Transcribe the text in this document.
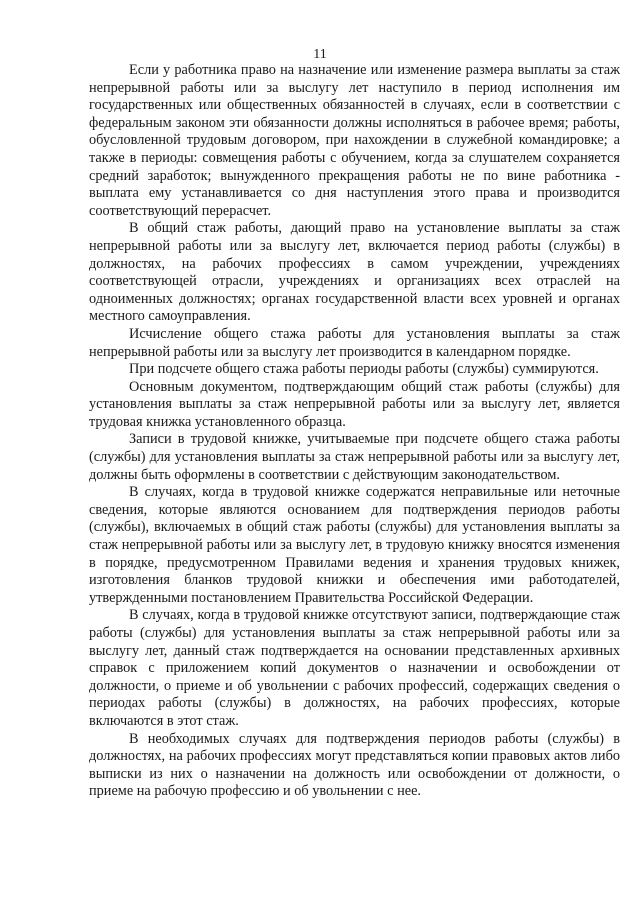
11

Если у работника право на назначение или изменение размера выплаты за стаж непрерывной работы или за выслугу лет наступило в период исполнения им государственных или общественных обязанностей в случаях, если в соответствии с федеральным законом эти обязанности должны исполняться в рабочее время; работы, обусловленной трудовым договором, при нахождении в служебной командировке; а также в периоды: совмещения работы с обучением, когда за слушателем сохраняется средний заработок; вынужденного прекращения работы не по вине работника - выплата ему устанавливается со дня наступления этого права и производится соответствующий перерасчет.

В общий стаж работы, дающий право на установление выплаты за стаж непрерывной работы или за выслугу лет, включается период работы (службы) в должностях, на рабочих профессиях в самом учреждении, учреждениях соответствующей отрасли, учреждениях и организациях всех отраслей на одноименных должностях; органах государственной власти всех уровней и органах местного самоуправления.

Исчисление общего стажа работы для установления выплаты за стаж непрерывной работы или за выслугу лет производится в календарном порядке.

При подсчете общего стажа работы периоды работы (службы) суммируются.

Основным документом, подтверждающим общий стаж работы (службы) для установления выплаты за стаж непрерывной работы или за выслугу лет, является трудовая книжка установленного образца.

Записи в трудовой книжке, учитываемые при подсчете общего стажа работы (службы) для установления выплаты за стаж непрерывной работы или за выслугу лет, должны быть оформлены в соответствии с действующим законодательством.

В случаях, когда в трудовой книжке содержатся неправильные или неточные сведения, которые являются основанием для подтверждения периодов работы (службы), включаемых в общий стаж работы (службы) для установления выплаты за стаж непрерывной работы или за выслугу лет, в трудовую книжку вносятся изменения в порядке, предусмотренном Правилами ведения и хранения трудовых книжек, изготовления бланков трудовой книжки и обеспечения ими работодателей, утвержденными постановлением Правительства Российской Федерации.

В случаях, когда в трудовой книжке отсутствуют записи, подтверждающие стаж работы (службы) для установления выплаты за стаж непрерывной работы или за выслугу лет, данный стаж подтверждается на основании представленных архивных справок с приложением копий документов о назначении и освобождении от должности, о приеме и об увольнении с рабочих профессий, содержащих сведения о периодах работы (службы) в должностях, на рабочих профессиях, которые включаются в этот стаж.

В необходимых случаях для подтверждения периодов работы (службы) в должностях, на рабочих профессиях могут представляться копии правовых актов либо выписки из них о назначении на должность или освобождении от должности, о приеме на рабочую профессию и об увольнении с нее.
